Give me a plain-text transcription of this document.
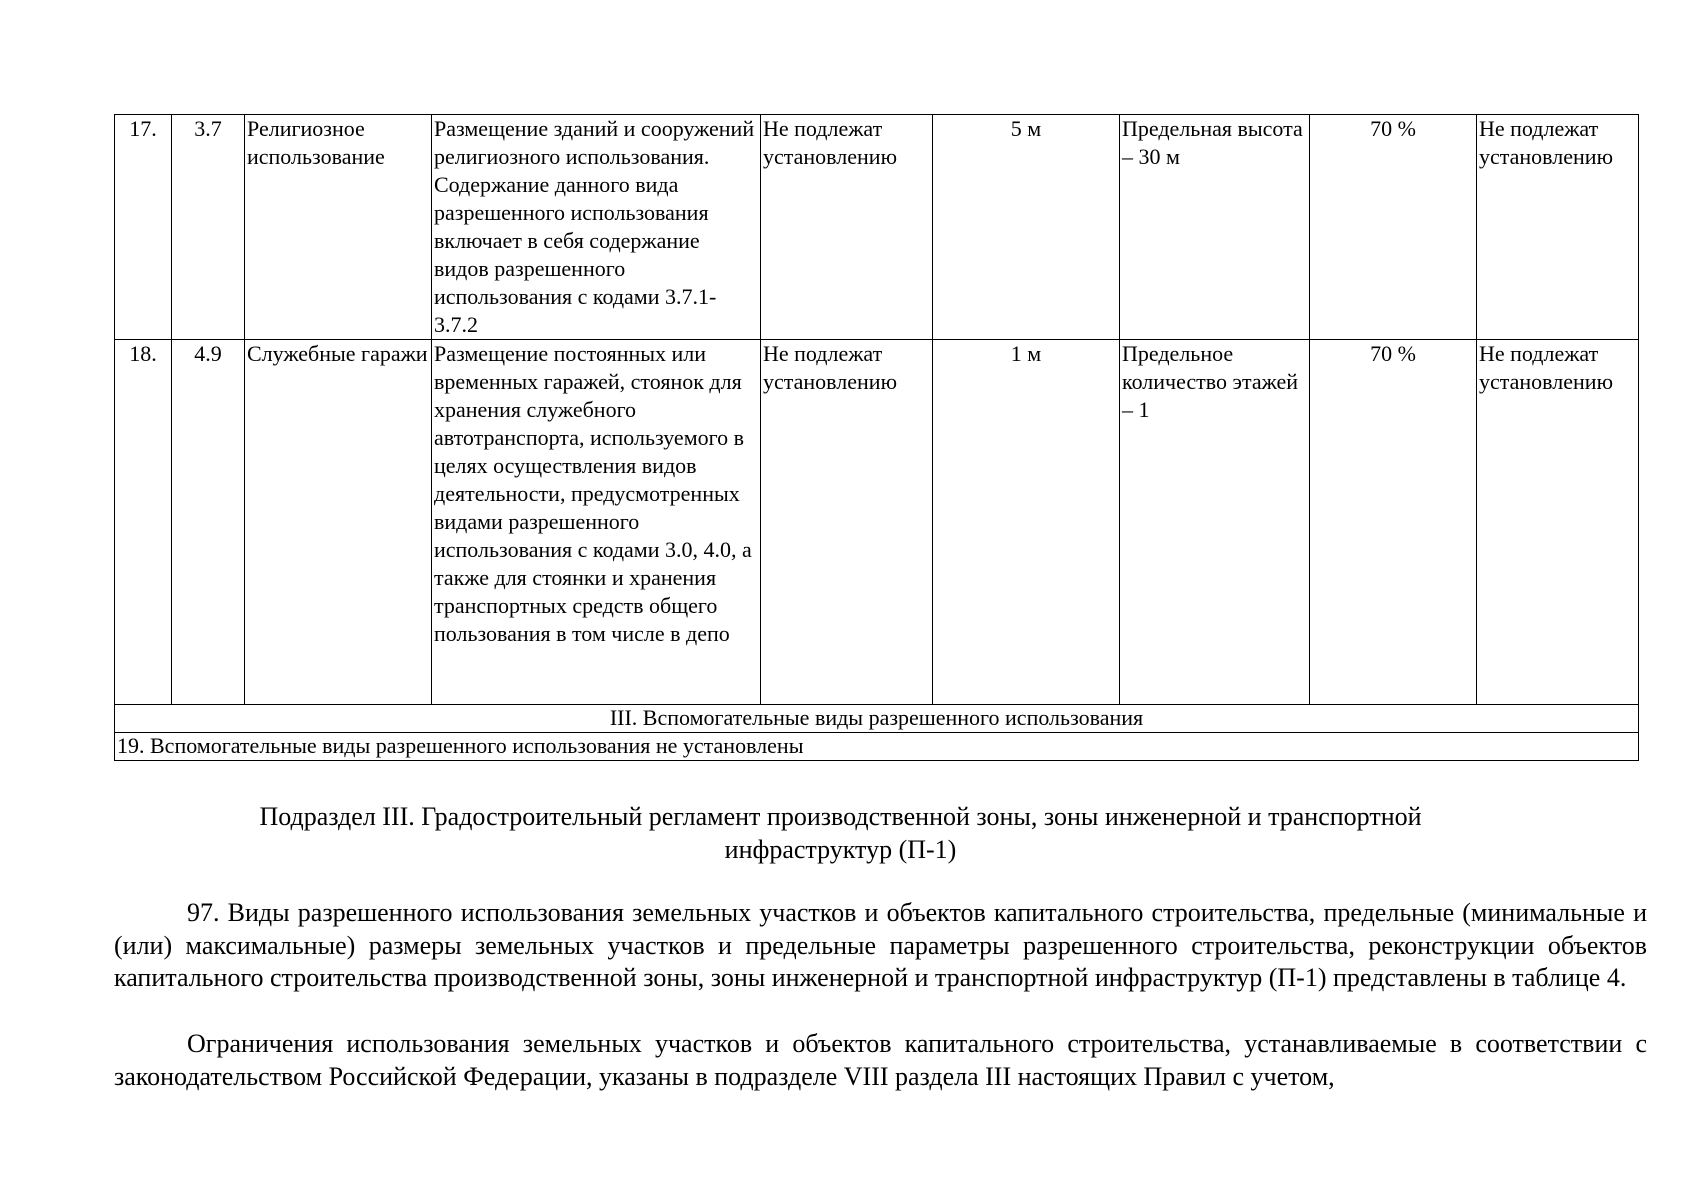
17.	3.7	Религиозное использование	Размещение зданий и сооружений религиозного использования. Содержание данного вида разрешенного использования включает в себя содержание видов разрешенного использования с кодами 3.7.1-3.7.2	Не подлежат установлению	5 м	Предельная высота – 30 м	70 %	Не подлежат установлению
18.	4.9	Служебные гаражи	Размещение постоянных или временных гаражей, стоянок для хранения служебного автотранспорта, используемого в целях осуществления видов деятельности, предусмотренных видами разрешенного использования с кодами 3.0, 4.0, а также для стоянки и хранения транспортных средств общего пользования в том числе в депо	Не подлежат установлению	1 м	Предельное количество этажей – 1	70 %	Не подлежат установлению
III. Вспомогательные виды разрешенного использования								
19. Вспомогательные виды разрешенного использования не установлены								
Подраздел III. Градостроительный регламент производственной зоны, зоны инженерной и транспортной
инфраструктур (П-1)

97. Виды разрешенного использования земельных участков и объектов капитального строительства, предельные (минимальные и (или) максимальные) размеры земельных участков и предельные параметры разрешенного строительства, реконструкции объектов капитального строительства производственной зоны, зоны инженерной и транспортной инфраструктур (П-1) представлены в таблице 4.

Ограничения использования земельных участков и объектов капитального строительства, устанавливаемые в соответствии с законодательством Российской Федерации, указаны в подразделе VIII раздела III настоящих Правил с учетом,
